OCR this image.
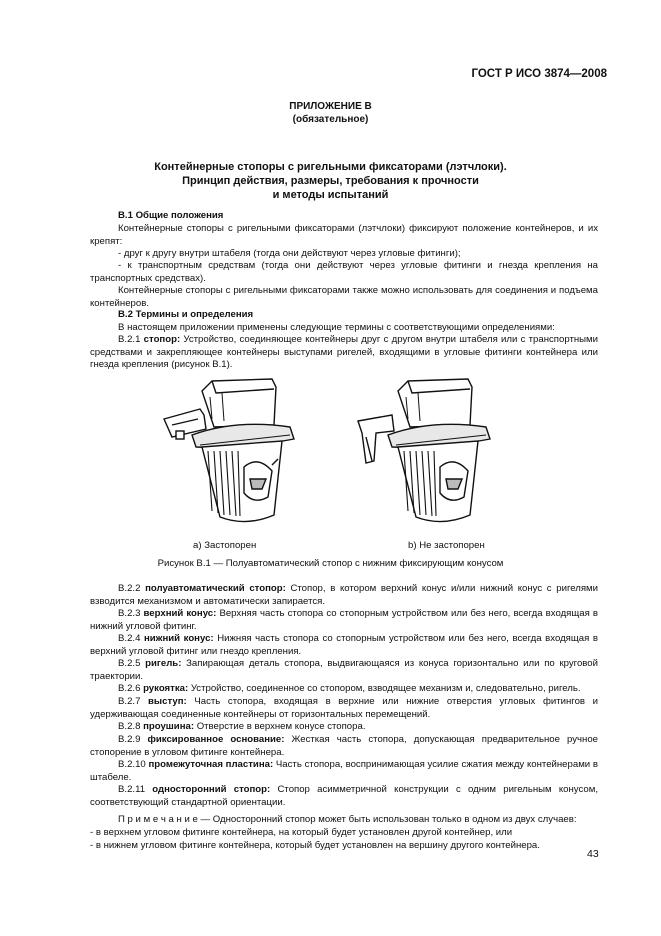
ГОСТ Р ИСО 3874—2008
ПРИЛОЖЕНИЕ В
(обязательное)
Контейнерные стопоры с ригельными фиксаторами (лэтчлоки).
Принцип действия, размеры, требования к прочности
и методы испытаний
В.1 Общие положения
Контейнерные стопоры с ригельными фиксаторами (лэтчлоки) фиксируют положение контейнеров, и их крепят:
- друг к другу внутри штабеля (тогда они действуют через угловые фитинги);
- к транспортным средствам (тогда они действуют через угловые фитинги и гнезда крепления на транспортных средствах).
Контейнерные стопоры с ригельными фиксаторами также можно использовать для соединения и подъема контейнеров.
В.2 Термины и определения
В настоящем приложении применены следующие термины с соответствующими определениями:
В.2.1 стопор: Устройство, соединяющее контейнеры друг с другом внутри штабеля или с транспортными средствами и закрепляющее контейнеры выступами ригелей, входящими в угловые фитинги контейнера или гнезда крепления (рисунок В.1).
а) Застопорен	b) Не застопорен
Рисунок В.1 — Полуавтоматический стопор с нижним фиксирующим конусом
В.2.2 полуавтоматический стопор: Стопор, в котором верхний конус и/или нижний конус с ригелями взводится механизмом и автоматически запирается.
В.2.3 верхний конус: Верхняя часть стопора со стопорным устройством или без него, всегда входящая в нижний угловой фитинг.
В.2.4 нижний конус: Нижняя часть стопора со стопорным устройством или без него, всегда входящая в верхний угловой фитинг или гнездо крепления.
В.2.5 ригель: Запирающая деталь стопора, выдвигающаяся из конуса горизонтально или по круговой траектории.
В.2.6 рукоятка: Устройство, соединенное со стопором, взводящее механизм и, следовательно, ригель.
В.2.7 выступ: Часть стопора, входящая в верхние или нижние отверстия угловых фитингов и удерживающая соединенные контейнеры от горизонтальных перемещений.
В.2.8 проушина: Отверстие в верхнем конусе стопора.
В.2.9 фиксированное основание: Жесткая часть стопора, допускающая предварительное ручное стопорение в угловом фитинге контейнера.
В.2.10 промежуточная пластина: Часть стопора, воспринимающая усилие сжатия между контейнерами в штабеле.
В.2.11 односторонний стопор: Стопор асимметричной конструкции с одним ригельным конусом, соответствующий стандартной ориентации.
П р и м е ч а н и е — Односторонний стопор может быть использован только в одном из двух случаев:
- в верхнем угловом фитинге контейнера, на который будет установлен другой контейнер, или
- в нижнем угловом фитинге контейнера, который будет установлен на вершину другого контейнера.
43
